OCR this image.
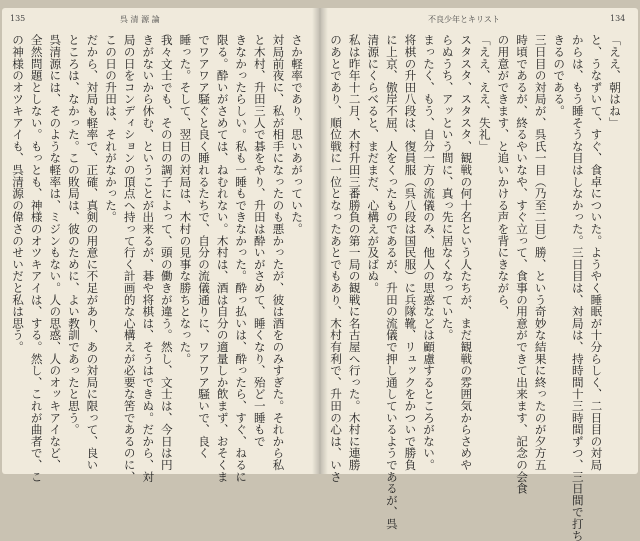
135	呉 清 源 論
さか軽率であり、思いあがっていた。
対局前夜に、私が相手になったのも悪かったが、彼は酒をのみすぎた。それから私
と木村、升田三人で碁をやり、升田は酔いがさめて、睡くなり、殆ど一睡もで
きなかったらしい。私も一睡もできなかった。酔っ払いは、酔ったら、すぐ、ねるに
限る。酔いがさめては、ねむれない。木村は、酒は自分の適量しか飲まず、おそくま
でワアワア騒ぐと良く睡れるたちで、自分の流儀通りに、ワアワア騒いで、良く
睡った。そして、翌日の対局は、木村の見事な勝ちとなった。
我々文士でも、その日の調子によって、頭の働きが違う。然し、文士は、今日は円
きがないから休む、ということが出来るが、碁や将棋は、そうはできぬ。だから、対
局の日をコンディションの頂点へ持って行く計画的な心構えが必要な筈であるのに、
この日の升田は、それがなかった。
だから、対局も軽率で、正確、真剣の用意に不足があり、あの対局に限って、良い
ところは、なかった。この敗局は、彼のために、よい教訓であったと思う。
呉清源には、そのような軽率は、ミジンもない。人の思惑、人のオッキアイなど、
全然問題としない。もっとも、神様のオツキアイは、する。然し、これが曲者で、こ
の神様のオツキアイも、呉清源の偉さのせいだと私は思う。
不良少年とキリスト	134
「ええ、朝はね」
と、うなずいて、すぐ、食卓についた。ようやく睡眠が十分らしく、二日目の対局
からは、もう睡そうな目はしなかった。三日目は、対局は、持時間十三時間ずつ、三日間で打ち
きるのである。
三日目の対局が、呉氏一目（乃至二目）勝、という奇妙な結果に終ったのが夕方五
時頃であるが、終るやいなや、すぐ立って、食事の用意ができて出来ます、記念の会食
の用意ができます、と追いかける声を背にきながら、
「ええ、ええ、失礼」
スタスタ、スタスタ、観戦の何十名という人たちが、まだ観戦の雰囲気からさめや
らぬうち、アッという間に、真っ先に居なくなっていた。
まったく、もう、自分一方の流儀のみ、他人の思惑などは顧慮するところがない。
将棋の升田八段は、復員服（呉八段は国民服）に兵隊靴、リュックをかついで勝負
に上京、傲岸不屈、人をくったものであるが、升田の流儀で押し通しているようであるが、呉
清源にくらべると、まだまだ、心構えが及ばぬ。
私は昨年十二月、木村升田三番勝負の第一局の観戦に名古屋へ行った。木村に連勝
のあとであり、順位戦に一位となったあとでもあり、木村有利で、升田の心は、いさ
